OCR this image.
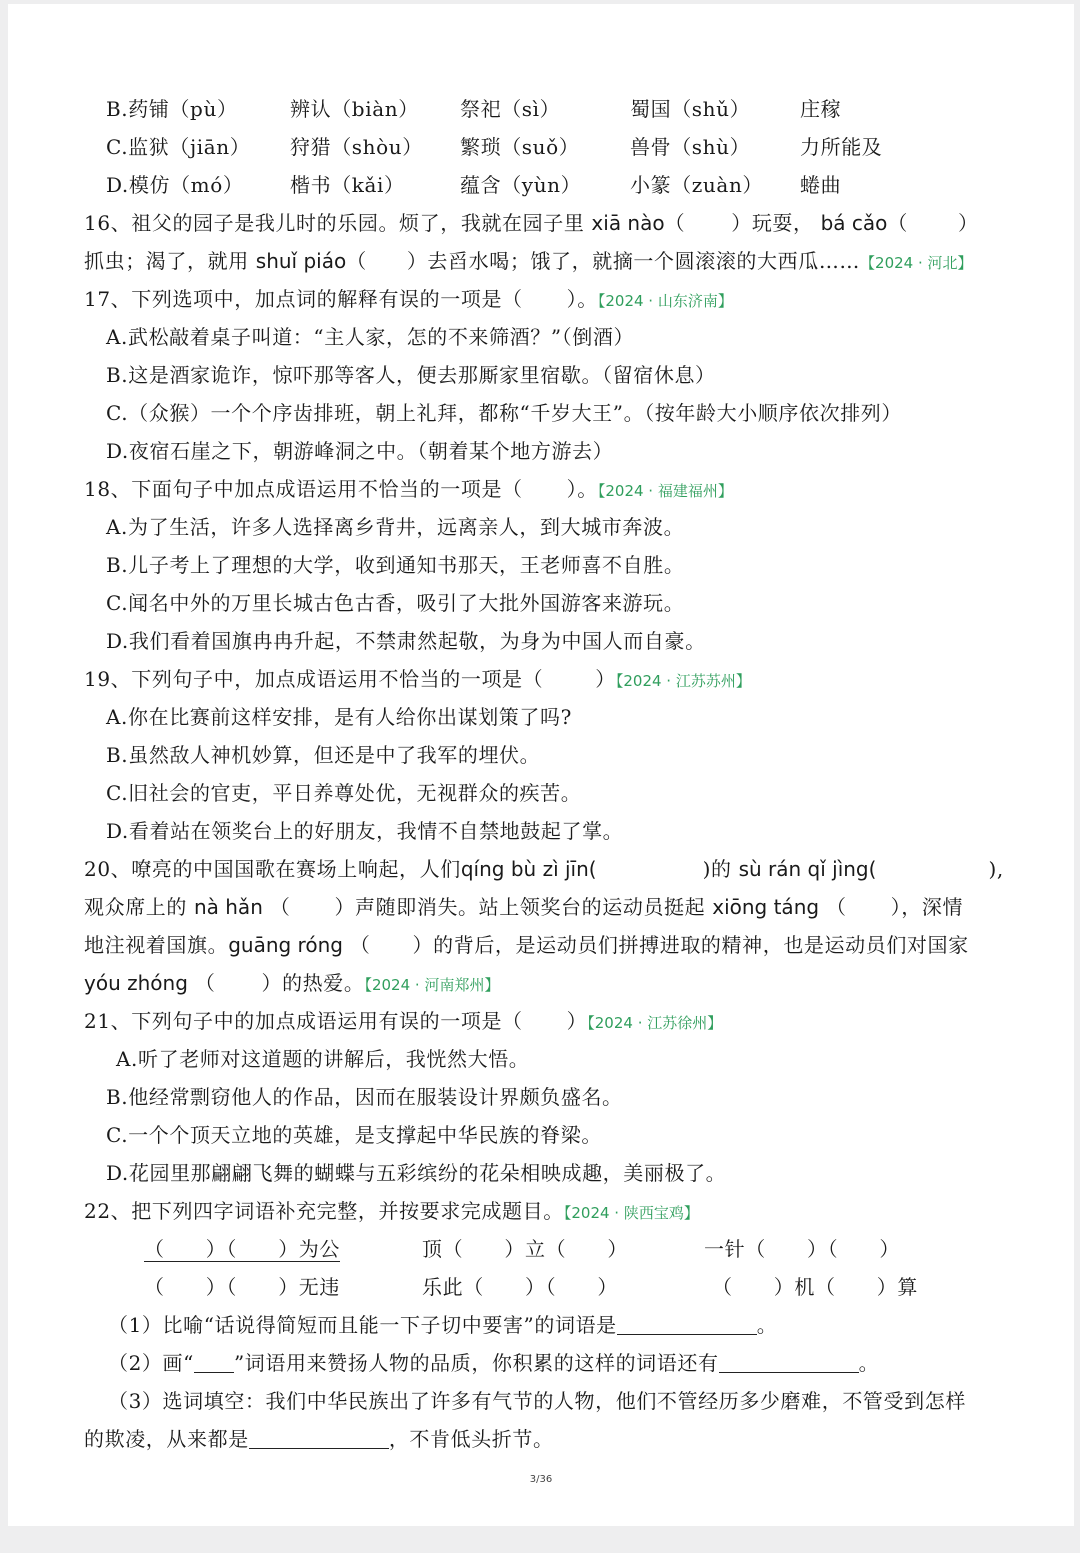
B.药铺（pù）	辨认（biàn） 祭祀（sì）	蜀国（shǔ） 庄稼
C.监狱（jiān） 狩猎（shòu） 繁琐（suǒ）	兽骨（shù） 力所能及
D.模仿（mó） 楷书（kǎi）	蕴含（yùn） 小篆（zuàn） 蜷曲
16、祖父的园子是我儿时的乐园。烦了，我就在园子里 xiā nào（ ）玩耍， bá cǎo（	）
抓虫；渴了，就用 shuǐ piáo（ ）去舀水喝；饿了，就摘一个圆滚滚的大西瓜……【2024 · 河北】
17、下列选项中，加点词的解释有误的一项是（ ）。【2024 · 山东济南】
A.武松敲着桌子叫道：“主人家，怎的不来筛酒？”（倒酒）
B.这是酒家诡诈，惊吓那等客人，便去那厮家里宿歇。（留宿休息）
C.（众猴）一个个序齿排班，朝上礼拜，都称“千岁大王”。（按年龄大小顺序依次排列）
D.夜宿石崖之下，朝游峰洞之中。（朝着某个地方游去）
18、下面句子中加点成语运用不恰当的一项是（ ）。【2024 · 福建福州】
A.为了生活，许多人选择离乡背井，远离亲人，到大城市奔波。
B.儿子考上了理想的大学，收到通知书那天，王老师喜不自胜。
C.闻名中外的万里长城古色古香，吸引了大批外国游客来游玩。
D.我们看着国旗冉冉升起，不禁肃然起敬，为身为中国人而自豪。
19、下列句子中，加点成语运用不恰当的一项是（	）【2024 · 江苏苏州】
A.你在比赛前这样安排，是有人给你出谋划策了吗?
B.虽然敌人神机妙算，但还是中了我军的埋伏。
C.旧社会的官吏，平日养尊处优，无视群众的疾苦。
D.看着站在领奖台上的好朋友，我情不自禁地鼓起了掌。
20、嘹亮的中国国歌在赛场上响起，人们qíng bù zì jīn(	)的 sù rán qǐ jìng(	),
观众席上的 nà hǎn （ ）声随即消失。站上领奖台的运动员挺起 xiōng táng （ ），深情
地注视着国旗。guāng róng （ ）的背后，是运动员们拼搏进取的精神，也是运动员们对国家
yóu zhóng （ ）的热爱。【2024 · 河南郑州】
21、下列句子中的加点成语运用有误的一项是（ ）【2024 · 江苏徐州】
A.听了老师对这道题的讲解后，我恍然大悟。
B.他经常剽窃他人的作品，因而在服装设计界颇负盛名。
C.一个个顶天立地的英雄，是支撑起中华民族的脊梁。
D.花园里那翩翩飞舞的蝴蝶与五彩缤纷的花朵相映成趣，美丽极了。
22、把下列四字词语补充完整，并按要求完成题目。【2024 · 陕西宝鸡】
（　　）（　　）为公	顶（　　）立（　　）	一针（　　）（　　）
（　　）（　　）无违	乐此（　　）（　　）	（　　）机（　　）算
（1）比喻“话说得简短而且能一下子切中要害”的词语是	。
（2）画“ ”词语用来赞扬人物的品质，你积累的这样的词语还有	。
（3）选词填空：我们中华民族出了许多有气节的人物，他们不管经历多少磨难，不管受到怎样
的欺凌，从来都是	，不肯低头折节。
3/36
